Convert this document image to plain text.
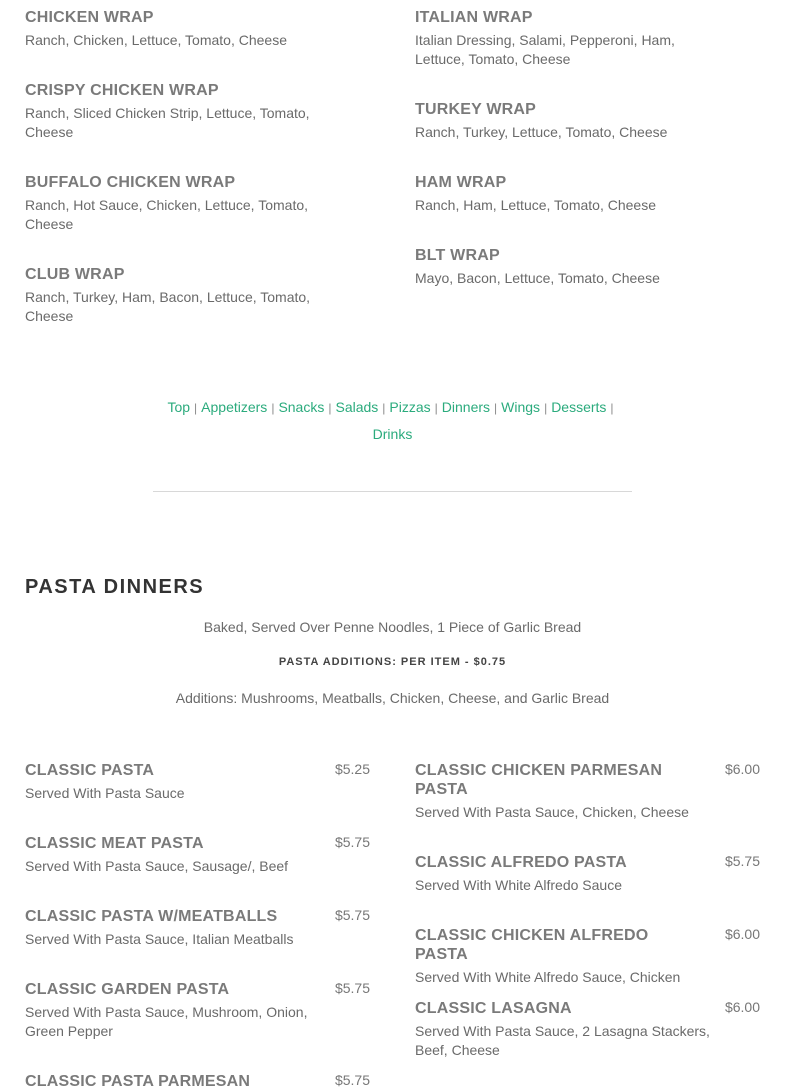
CHICKEN WRAP
Ranch, Chicken, Lettuce, Tomato, Cheese
CRISPY CHICKEN WRAP
Ranch, Sliced Chicken Strip, Lettuce, Tomato, Cheese
BUFFALO CHICKEN WRAP
Ranch, Hot Sauce, Chicken, Lettuce, Tomato, Cheese
CLUB WRAP
Ranch, Turkey, Ham, Bacon, Lettuce, Tomato, Cheese
ITALIAN WRAP
Italian Dressing, Salami, Pepperoni, Ham, Lettuce, Tomato, Cheese
TURKEY WRAP
Ranch, Turkey, Lettuce, Tomato, Cheese
HAM WRAP
Ranch, Ham, Lettuce, Tomato, Cheese
BLT WRAP
Mayo, Bacon, Lettuce, Tomato, Cheese
Top | Appetizers | Snacks | Salads | Pizzas | Dinners | Wings | Desserts |
Drinks
PASTA DINNERS
Baked, Served Over Penne Noodles, 1 Piece of Garlic Bread
PASTA ADDITIONS: PER ITEM - $0.75
Additions: Mushrooms, Meatballs, Chicken, Cheese, and Garlic Bread
CLASSIC PASTA	$5.25
Served With Pasta Sauce
CLASSIC MEAT PASTA	$5.75
Served With Pasta Sauce, Sausage/, Beef
CLASSIC PASTA W/MEATBALLS	$5.75
Served With Pasta Sauce, Italian Meatballs
CLASSIC GARDEN PASTA	$5.75
Served With Pasta Sauce, Mushroom, Onion, Green Pepper
CLASSIC PASTA PARMESAN	$5.75
CLASSIC CHICKEN PARMESAN PASTA
$6.00
Served With Pasta Sauce, Chicken, Cheese
CLASSIC ALFREDO PASTA	$5.75
Served With White Alfredo Sauce
CLASSIC CHICKEN ALFREDO PASTA
$6.00
Served With White Alfredo Sauce, Chicken
CLASSIC LASAGNA	$6.00
Served With Pasta Sauce, 2 Lasagna Stackers, Beef, Cheese
